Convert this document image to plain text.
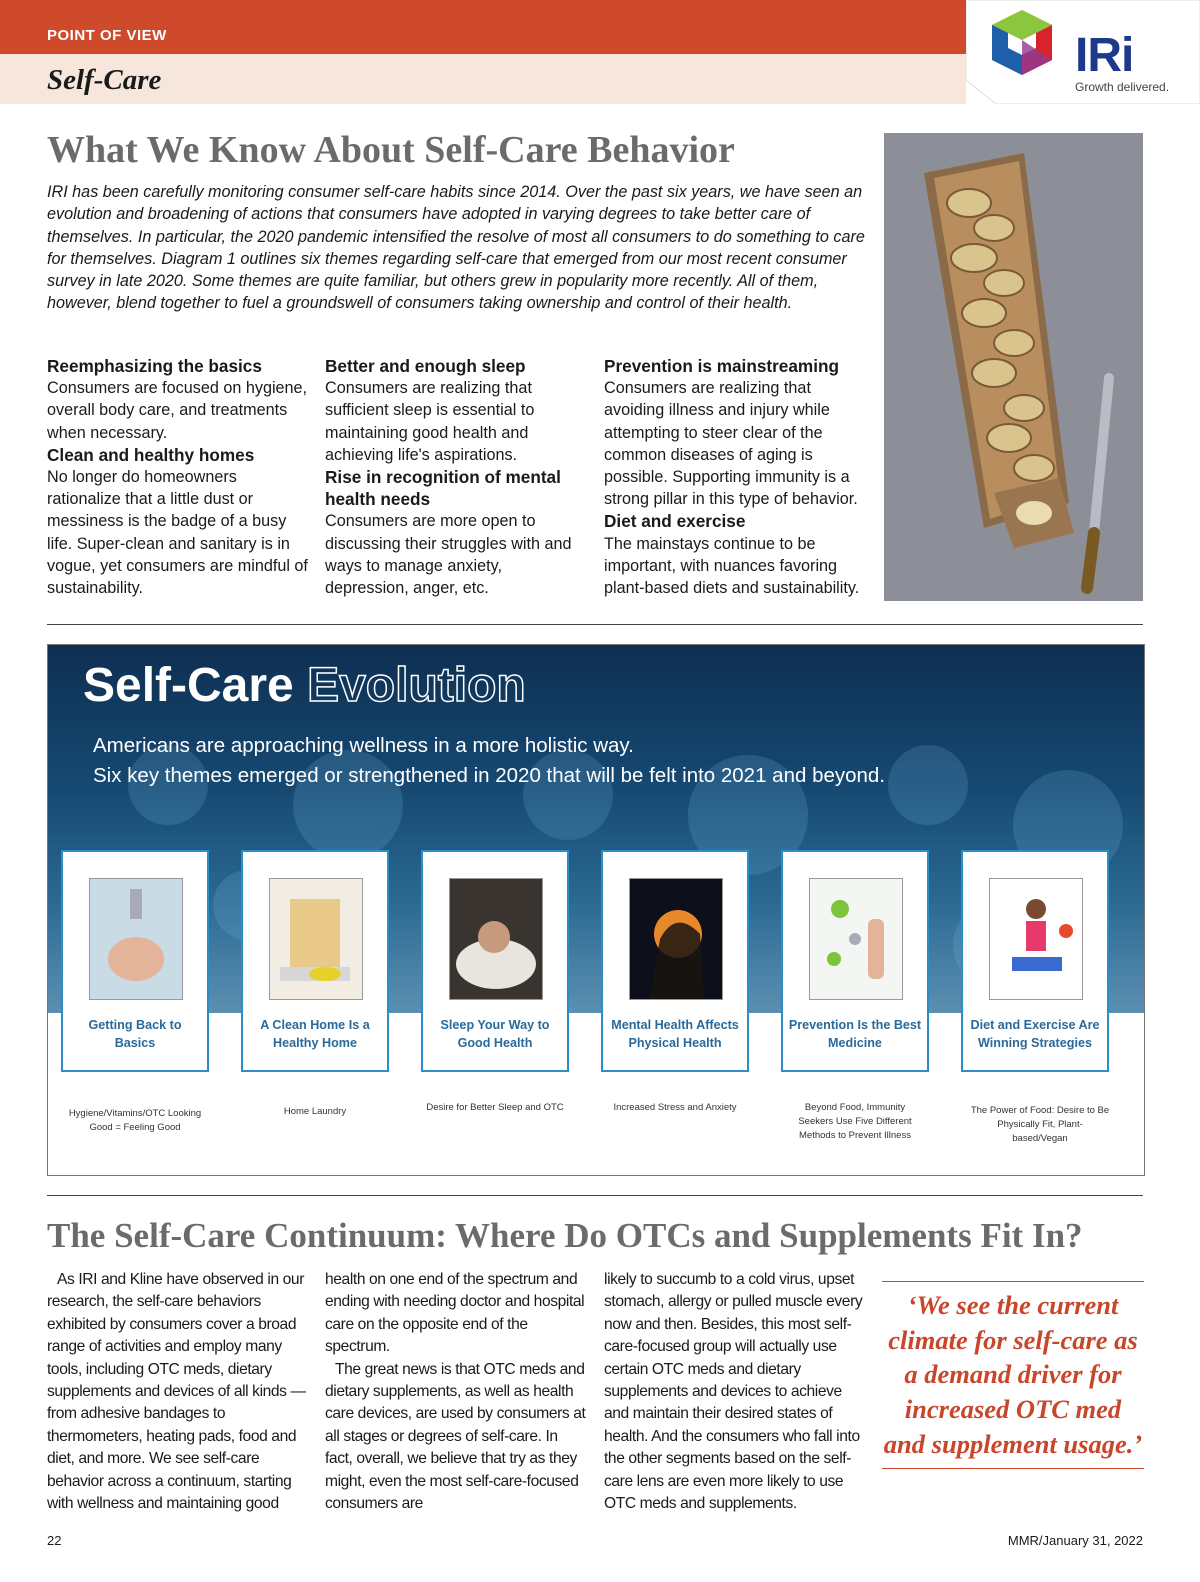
POINT OF VIEW
Self-Care	IRi
Growth delivered.
What We Know About Self-Care Behavior
IRI has been carefully monitoring consumer self-care habits since 2014. Over the past six years, we have seen an evolution and broadening of actions that consumers have adopted in varying degrees to take better care of themselves. In particular, the 2020 pandemic intensified the resolve of most all consumers to do something to care for themselves. Diagram 1 outlines six themes regarding self-care that emerged from our most recent consumer survey in late 2020. Some themes are quite familiar, but others grew in popularity more recently. All of them, however, blend together to fuel a groundswell of consumers taking ownership and control of their health.
Reemphasizing the basics
Consumers are focused on hygiene, overall body care, and treatments when necessary.
Clean and healthy homes
No longer do homeowners rationalize that a little dust or messiness is the badge of a busy life. Super-clean and sanitary is in vogue, yet consumers are mindful of sustainability.
Better and enough sleep
Consumers are realizing that sufficient sleep is essential to maintaining good health and achieving life's aspirations.
Rise in recognition of mental health needs
Consumers are more open to discussing their struggles with and ways to manage anxiety, depression, anger, etc.
Prevention is mainstreaming
Consumers are realizing that avoiding illness and injury while attempting to steer clear of the common diseases of aging is possible. Supporting immunity is a strong pillar in this type of behavior.
Diet and exercise
The mainstays continue to be important, with nuances favoring plant-based diets and sustainability.
Self-Care Evolution
Americans are approaching wellness in a more holistic way.
Six key themes emerged or strengthened in 2020 that will be felt into 2021 and beyond.
Getting Back to Basics
A Clean Home Is a Healthy Home
Sleep Your Way to Good Health
Mental Health Affects Physical Health
Prevention Is the Best Medicine
Diet and Exercise Are Winning Strategies
Hygiene/Vitamins/OTC Looking Good = Feeling Good
Home Laundry	Desire for Better Sleep and OTC	Increased Stress and Anxiety	Beyond Food, Immunity Seekers Use Five Different Methods to Prevent Illness
The Power of Food: Desire to Be Physically Fit, Plant-based/Vegan
The Self-Care Continuum: Where Do OTCs and Supplements Fit In?

As IRI and Kline have observed in our research, the self-care behaviors exhibited by consumers cover a broad range of activities and employ many tools, including OTC meds, dietary supplements and devices of all kinds — from adhesive bandages to thermometers, heating pads, food and diet, and more. We see self-care behavior across a continuum, starting with wellness and maintaining good

health on one end of the spectrum and ending with needing doctor and hospital care on the opposite end of the spectrum.

The great news is that OTC meds and dietary supplements, as well as health care devices, are used by consumers at all stages or degrees of self-care. In fact, overall, we believe that try as they might, even the most self-care-focused consumers are

likely to succumb to a cold virus, upset stomach, allergy or pulled muscle every now and then. Besides, this most self-care-focused group will actually use certain OTC meds and dietary supplements and devices to achieve and maintain their desired states of health. And the consumers who fall into the other segments based on the self-care lens are even more likely to use OTC meds and supplements.

‘We see the current climate for self-care as a demand driver for increased OTC med and supplement usage.’
22	MMR/January 31, 2022
